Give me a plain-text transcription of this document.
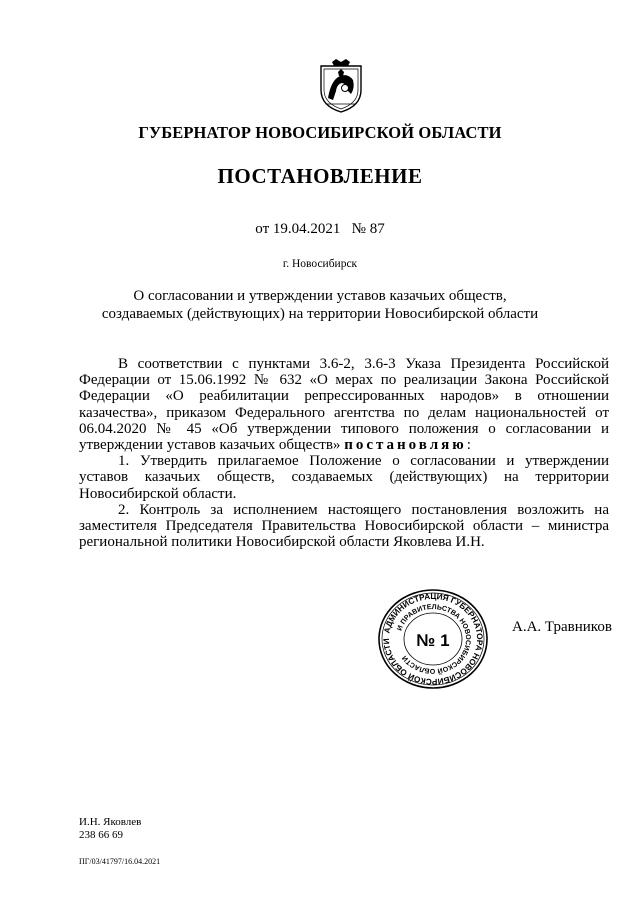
ГУБЕРНАТОР НОВОСИБИРСКОЙ ОБЛАСТИ
ПОСТАНОВЛЕНИЕ
от 19.04.2021 № 87
г. Новосибирск
О согласовании и утверждении уставов казачьих обществ,
создаваемых (действующих) на территории Новосибирской области

В соответствии с пунктами 3.6-2, 3.6-3 Указа Президента Российской Федерации от 15.06.1992 № 632 «О мерах по реализации Закона Российской Федерации «О реабилитации репрессированных народов» в отношении казачества», приказом Федерального агентства по делам национальностей от 06.04.2020 № 45 «Об утверждении типового положения о согласовании и утверждении уставов казачьих обществ» постановляю:

1. Утвердить прилагаемое Положение о согласовании и утверждении уставов казачьих обществ, создаваемых (действующих) на территории Новосибирской области.

2. Контроль за исполнением настоящего постановления возложить на заместителя Председателя Правительства Новосибирской области – министра региональной политики Новосибирской области Яковлева И.Н.

АДМИНИСТРАЦИЯ ГУБЕРНАТОРА НОВОСИБИРСКОЙ ОБЛАСТИ
И ПРАВИТЕЛЬСТВА НОВОСИБИРСКОЙ ОБЛАСТИ
№ 1
А.А. Травников
И.Н. Яковлев
238 66 69
ПГ/03/41797/16.04.2021
